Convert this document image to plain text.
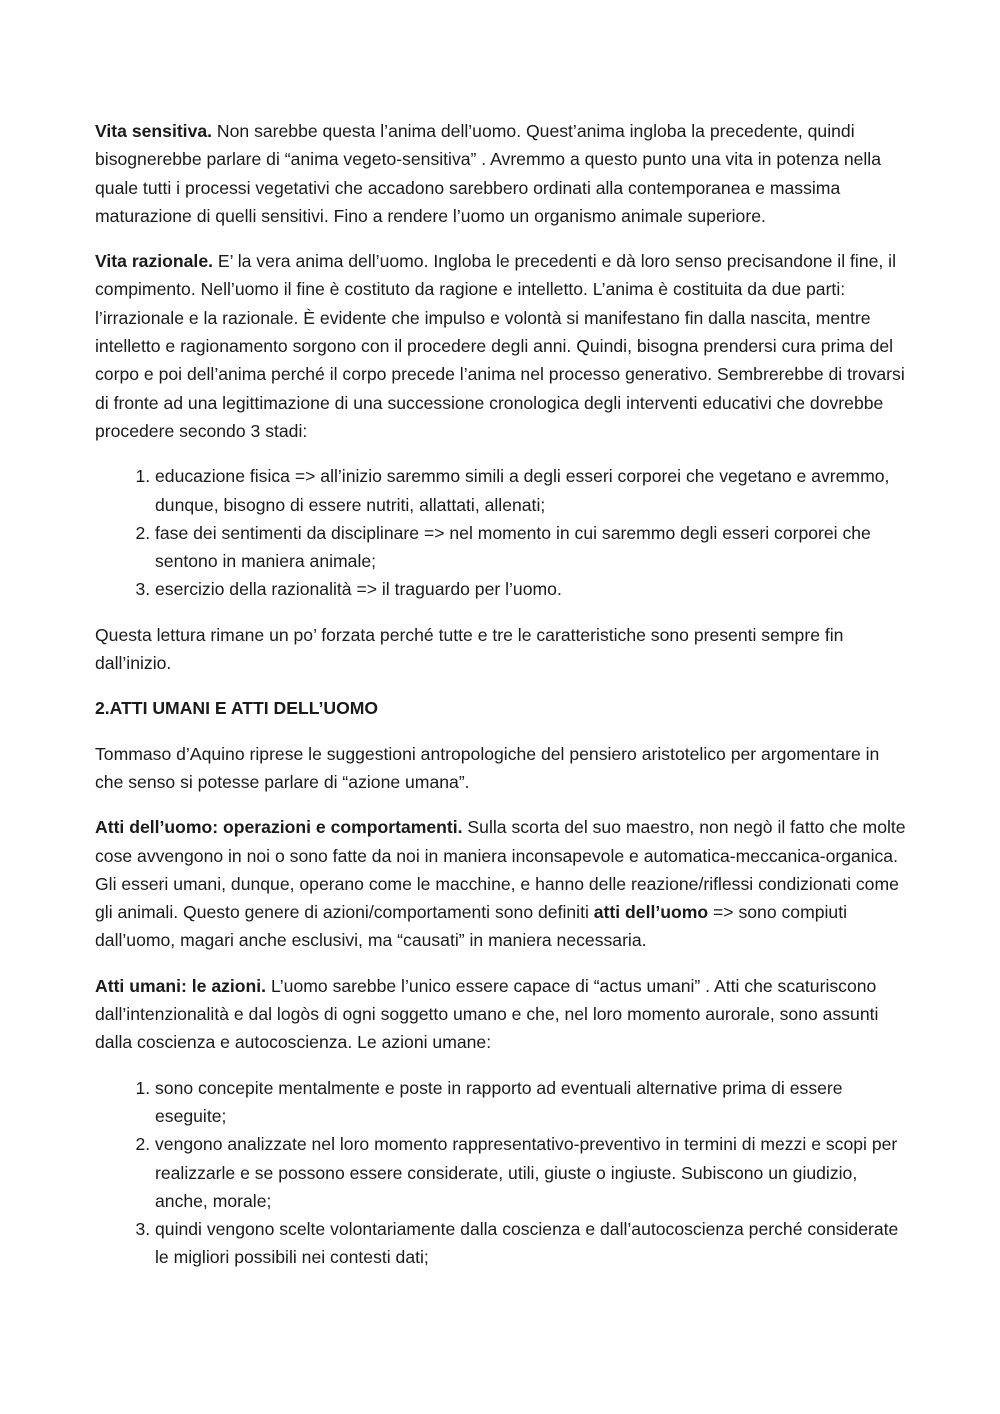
Vita sensitiva. Non sarebbe questa l’anima dell’uomo. Quest’anima ingloba la precedente, quindi bisognerebbe parlare di “anima vegeto-sensitiva” . Avremmo a questo punto una vita in potenza nella quale tutti i processi vegetativi che accadono sarebbero ordinati alla contemporanea e massima maturazione di quelli sensitivi. Fino a rendere l’uomo un organismo animale superiore.

Vita razionale. E’ la vera anima dell’uomo. Ingloba le precedenti e dà loro senso precisandone il fine, il compimento. Nell’uomo il fine è costituto da ragione e intelletto. L’anima è costituita da due parti: l’irrazionale e la razionale. È evidente che impulso e volontà si manifestano fin dalla nascita, mentre intelletto e ragionamento sorgono con il procedere degli anni. Quindi, bisogna prendersi cura prima del corpo e poi dell’anima perché il corpo precede l’anima nel processo generativo. Sembrerebbe di trovarsi di fronte ad una legittimazione di una successione cronologica degli interventi educativi che dovrebbe procedere secondo 3 stadi:

1. educazione fisica => all’inizio saremmo simili a degli esseri corporei che vegetano e avremmo, dunque, bisogno di essere nutriti, allattati, allenati;
2. fase dei sentimenti da disciplinare => nel momento in cui saremmo degli esseri corporei che sentono in maniera animale;
3. esercizio della razionalità => il traguardo per l’uomo.

Questa lettura rimane un po’ forzata perché tutte e tre le caratteristiche sono presenti sempre fin dall’inizio.

2.ATTI UMANI E ATTI DELL’UOMO

Tommaso d’Aquino riprese le suggestioni antropologiche del pensiero aristotelico per argomentare in che senso si potesse parlare di “azione umana”.

Atti dell’uomo: operazioni e comportamenti. Sulla scorta del suo maestro, non negò il fatto che molte cose avvengono in noi o sono fatte da noi in maniera inconsapevole e automatica-meccanica-organica. Gli esseri umani, dunque, operano come le macchine, e hanno delle reazione/riflessi condizionati come gli animali. Questo genere di azioni/comportamenti sono definiti atti dell’uomo => sono compiuti dall’uomo, magari anche esclusivi, ma “causati” in maniera necessaria.

Atti umani: le azioni. L’uomo sarebbe l’unico essere capace di “actus umani” . Atti che scaturiscono dall’intenzionalità e dal logòs di ogni soggetto umano e che, nel loro momento aurorale, sono assunti dalla coscienza e autocoscienza. Le azioni umane:

1. sono concepite mentalmente e poste in rapporto ad eventuali alternative prima di essere eseguite;
2. vengono analizzate nel loro momento rappresentativo-preventivo in termini di mezzi e scopi per realizzarle e se possono essere considerate, utili, giuste o ingiuste. Subiscono un giudizio, anche, morale;
3. quindi vengono scelte volontariamente dalla coscienza e dall’autocoscienza perché considerate le migliori possibili nei contesti dati;
